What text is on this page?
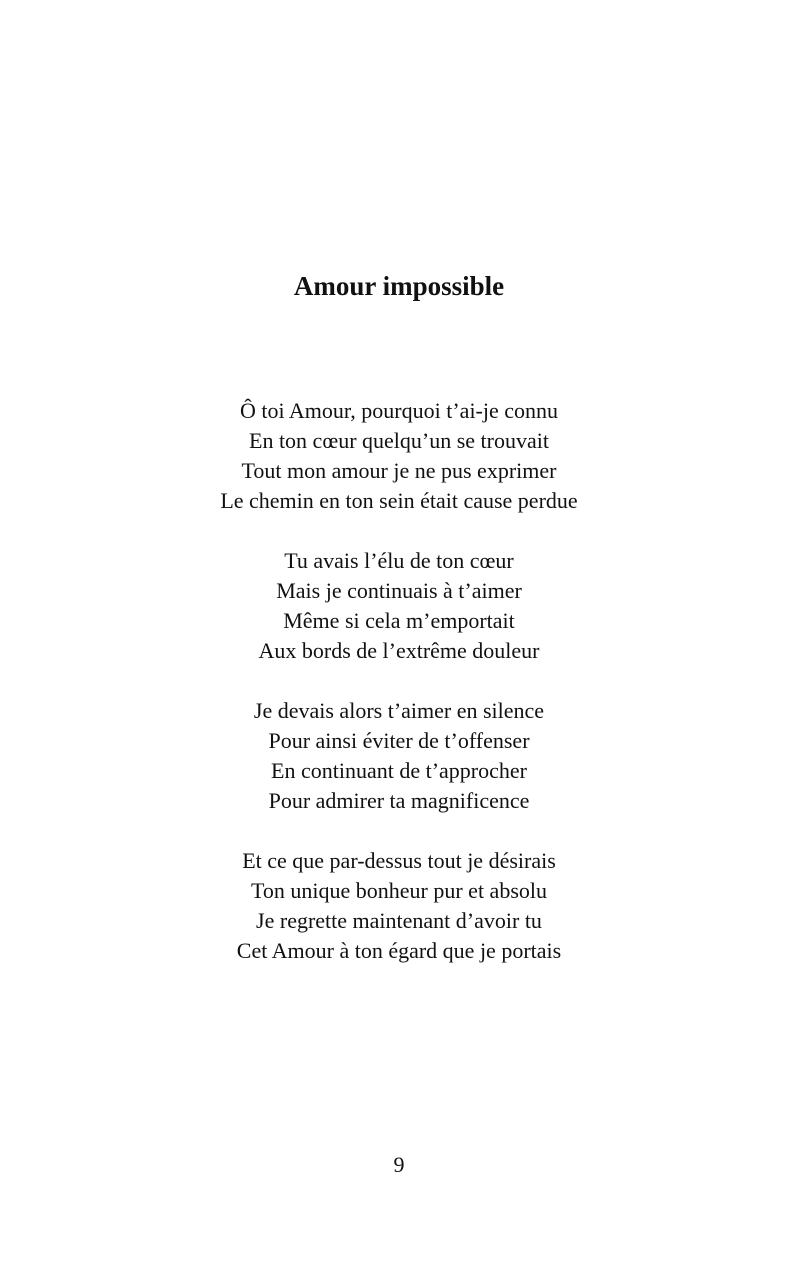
Amour impossible
Ô toi Amour, pourquoi t’ai-je connu
En ton cœur quelqu’un se trouvait
Tout mon amour je ne pus exprimer
Le chemin en ton sein était cause perdue
Tu avais l’élu de ton cœur
Mais je continuais à t’aimer
Même si cela m’emportait
Aux bords de l’extrême douleur
Je devais alors t’aimer en silence
Pour ainsi éviter de t’offenser
En continuant de t’approcher
Pour admirer ta magnificence
Et ce que par-dessus tout je désirais
Ton unique bonheur pur et absolu
Je regrette maintenant d’avoir tu
Cet Amour à ton égard que je portais
9
